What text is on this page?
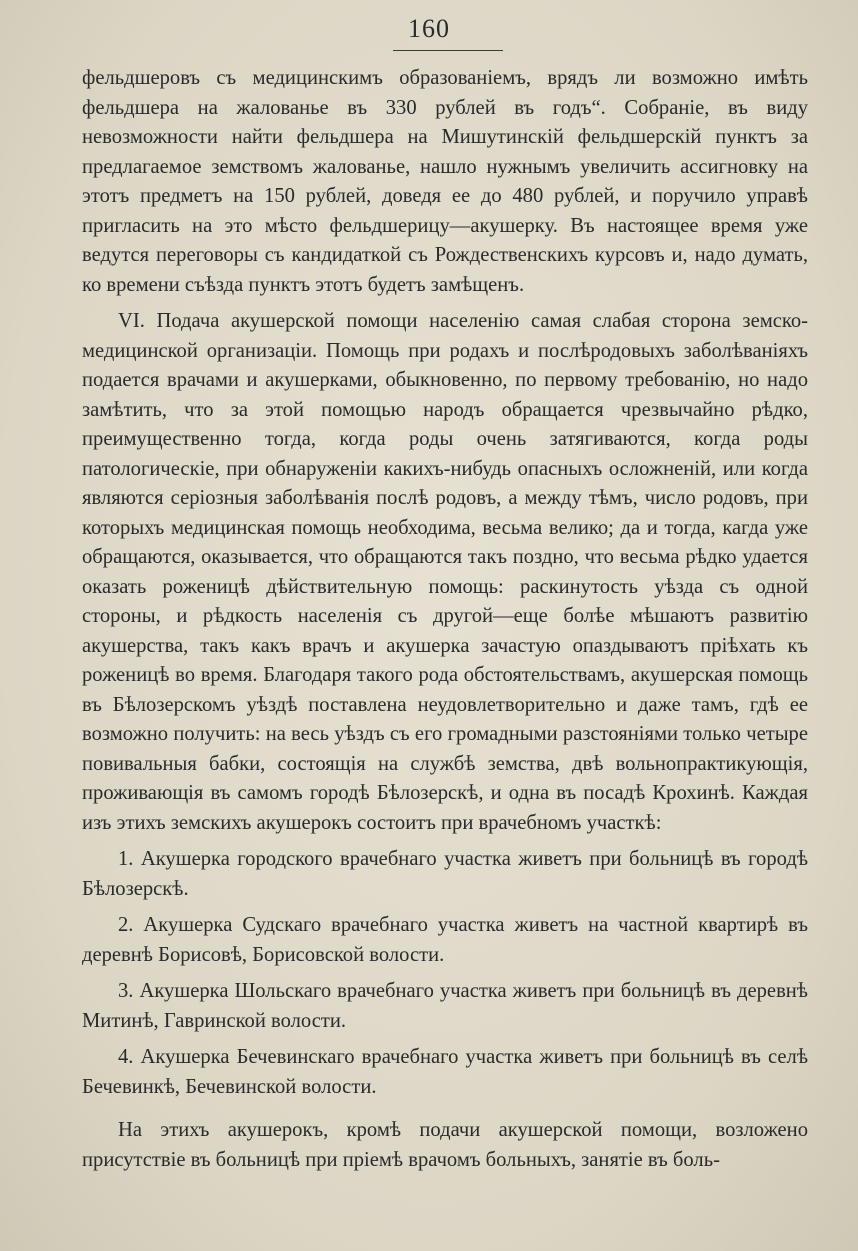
160

фельдшеровъ съ медицинскимъ образованіемъ, врядъ ли возможно имѣть фельдшера на жалованье въ 330 рублей въ годъ“. Собраніе, въ виду невозможности найти фельдшера на Мишутинскій фельдшерскій пунктъ за предлагаемое земствомъ жалованье, нашло нужнымъ увеличить ассигновку на этотъ предметъ на 150 рублей, доведя ее до 480 рублей, и поручило управѣ пригласить на это мѣсто фельдшерицу—акушерку. Въ настоящее время уже ведутся переговоры съ кандидаткой съ Рождественскихъ курсовъ и, надо думать, ко времени съѣзда пунктъ этотъ будетъ замѣщенъ.

VI. Подача акушерской помощи населенію самая слабая сторона земско-медицинской организаціи. Помощь при родахъ и послѣродовыхъ заболѣваніяхъ подается врачами и акушерками, обыкновенно, по первому требованію, но надо замѣтить, что за этой помощью народъ обращается чрезвычайно рѣдко, преимущественно тогда, когда роды очень затягиваются, когда роды патологическіе, при обнаруженіи какихъ-нибудь опасныхъ осложненій, или когда являются серіозныя заболѣванія послѣ родовъ, а между тѣмъ, число родовъ, при которыхъ медицинская помощь необходима, весьма велико; да и тогда, кагда уже обращаются, оказывается, что обращаются такъ поздно, что весьма рѣдко удается оказать роженицѣ дѣйствительную помощь: раскинутость уѣзда съ одной стороны, и рѣдкость населенія съ другой—еще болѣе мѣшаютъ развитію акушерства, такъ какъ врачъ и акушерка зачастую опаздываютъ пріѣхать къ роженицѣ во время. Благодаря такого рода обстоятельствамъ, акушерская помощь въ Бѣлозерскомъ уѣздѣ поставлена неудовлетворительно и даже тамъ, гдѣ ее возможно получить: на весь уѣздъ съ его громадными разстояніями только четыре повивальныя бабки, состоящія на службѣ земства, двѣ вольнопрактикующія, проживающія въ самомъ городѣ Бѣлозерскѣ, и одна въ посадѣ Крохинѣ. Каждая изъ этихъ земскихъ акушерокъ состоитъ при врачебномъ участкѣ:

1. Акушерка городского врачебнаго участка живетъ при больницѣ въ городѣ Бѣлозерскѣ.

2. Акушерка Судскаго врачебнаго участка живетъ на частной квартирѣ въ деревнѣ Борисовѣ, Борисовской волости.

3. Акушерка Шольскаго врачебнаго участка живетъ при больницѣ въ деревнѣ Митинѣ, Гавринской волости.

4. Акушерка Бечевинскаго врачебнаго участка живетъ при больницѣ въ селѣ Бечевинкѣ, Бечевинской волости.

На этихъ акушерокъ, кромѣ подачи акушерской помощи, возложено присутствіе въ больницѣ при пріемѣ врачомъ больныхъ, занятіе въ боль-
